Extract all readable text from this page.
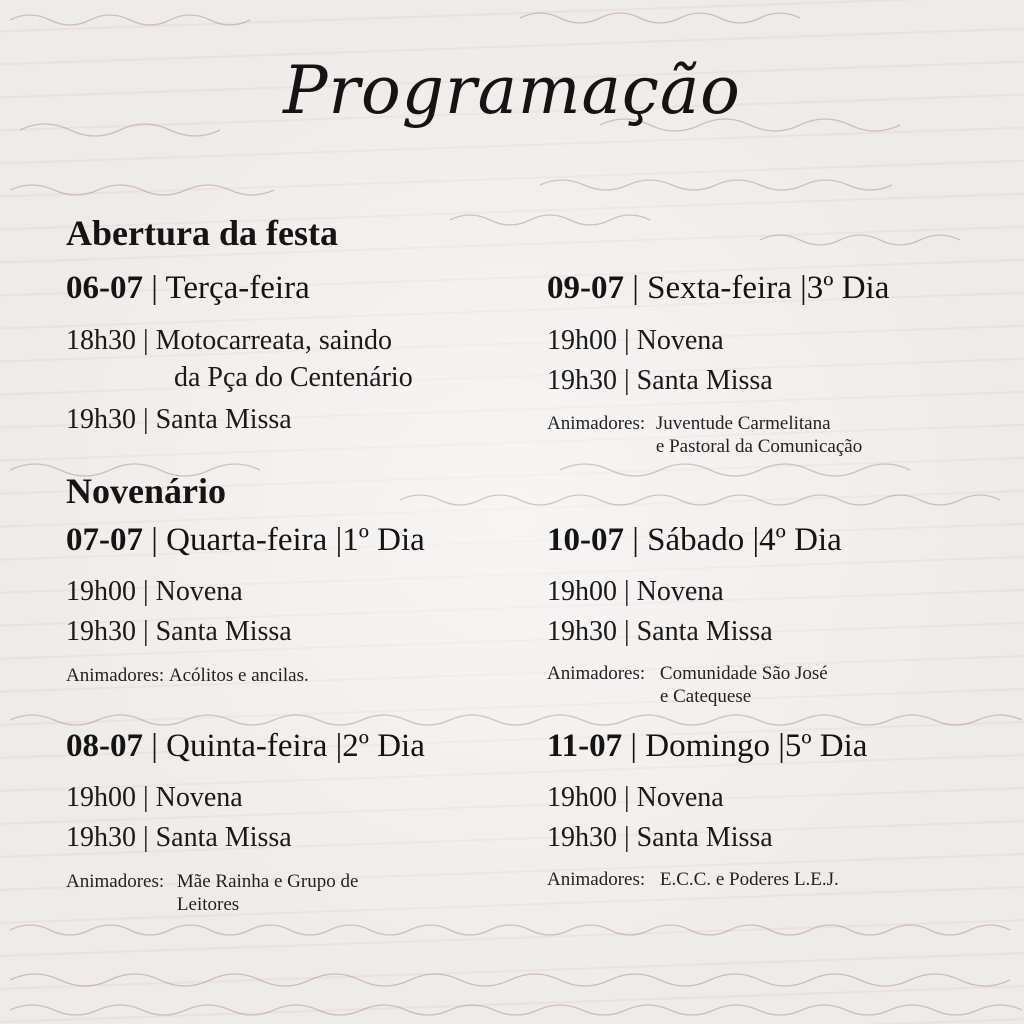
Programação
Abertura da festa
Novenário
06-07 | Terça-feira
18h30 | Motocarreata, saindo
da Pça do Centenário
19h30 | Santa Missa
07-07 | Quarta-feira |1º Dia
19h00 | Novena
19h30 | Santa Missa
Animadores: Acólitos e ancilas.
08-07 | Quinta-feira |2º Dia
19h00 | Novena
19h30 | Santa Missa
Animadores: Mãe Rainha e Grupo de
Leitores
09-07 | Sexta-feira |3º Dia
19h00 | Novena
19h30 | Santa Missa
Animadores: Juventude Carmelitana
e Pastoral da Comunicação
10-07 | Sábado |4º Dia
19h00 | Novena
19h30 | Santa Missa
Animadores: Comunidade São José
e Catequese
11-07 | Domingo |5º Dia
19h00 | Novena
19h30 | Santa Missa
Animadores: E.C.C. e Poderes L.E.J.
